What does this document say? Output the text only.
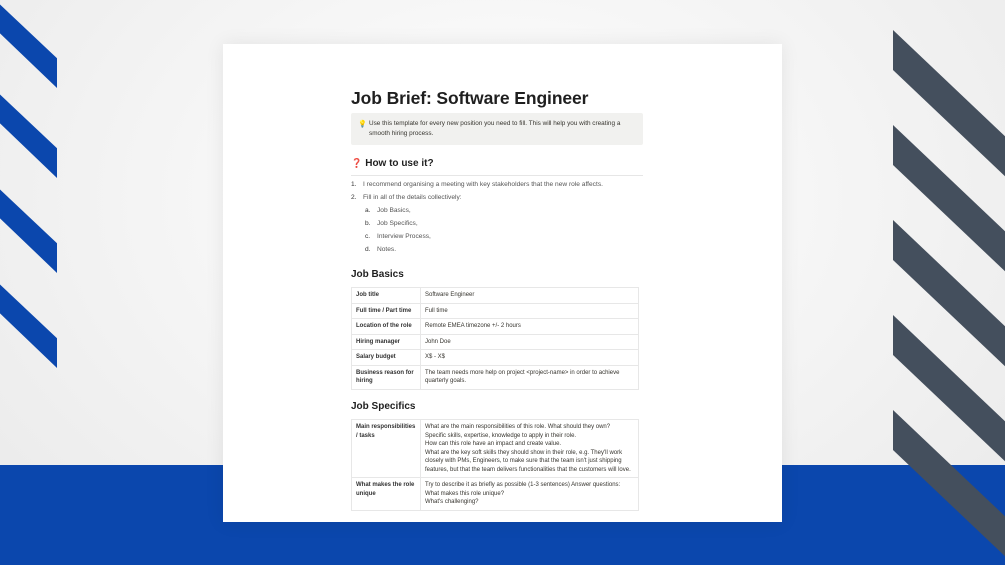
Job Brief: Software Engineer
💡 Use this template for every new position you need to fill. This will help you with creating a smooth hiring process.
❓ How to use it?
1. I recommend organising a meeting with key stakeholders that the new role affects.
2. Fill in all of the details collectively:
a. Job Basics,
b. Job Specifics,
c. Interview Process,
d. Notes.
Job Basics
Job title	Software Engineer
Full time / Part time	Full time
Location of the role	Remote EMEA timezone +/- 2 hours
Hiring manager	John Doe
Salary budget	X$ - X$
Business reason for hiring	The team needs more help on project <project-name> in order to achieve quarterly goals.
Job Specifics
Main responsibilities / tasks	What are the main responsibilities of this role. What should they own?
Specific skills, expertise, knowledge to apply in their role.
How can this role have an impact and create value.
What are the key soft skills they should show in their role, e.g. They'll work closely with PMs, Engineers, to make sure that the team isn't just shipping features, but that the team delivers functionalities that the customers will love.

What makes the role unique	Try to describe it as briefly as possible (1-3 sentences) Answer questions:
What makes this role unique?
What's challenging?
